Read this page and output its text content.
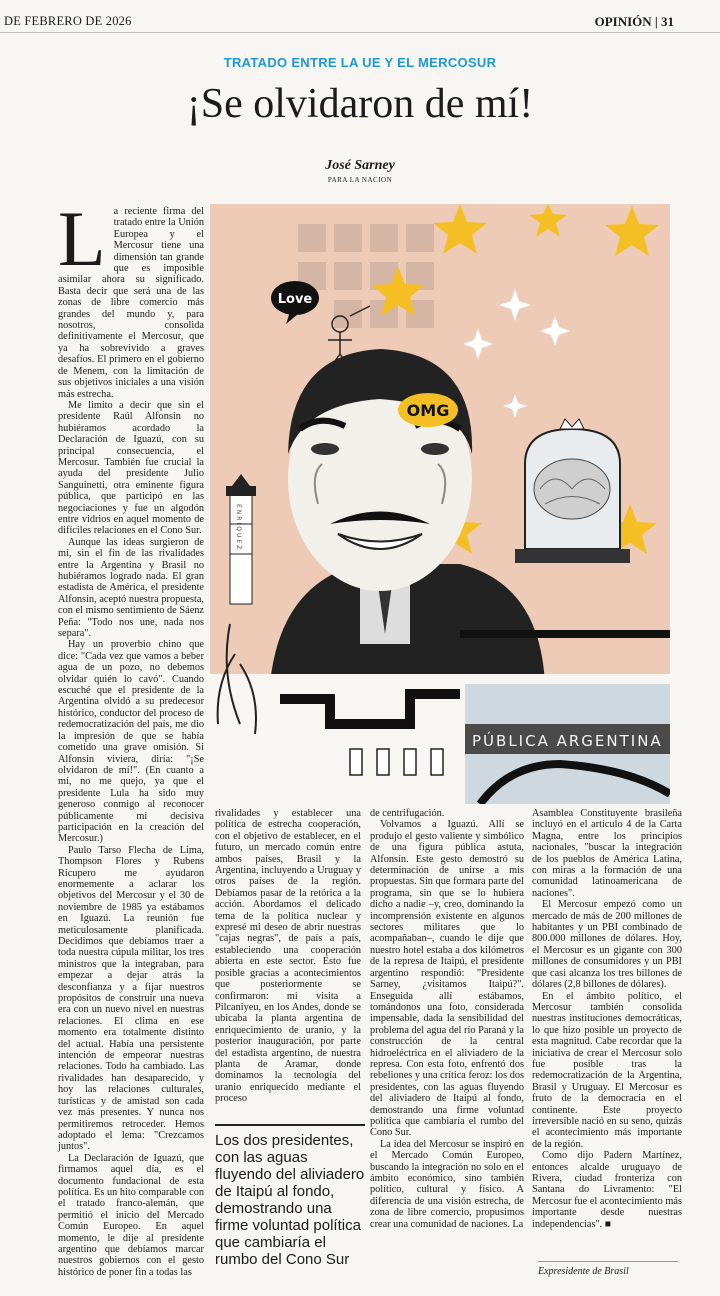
DE FEBRERO DE 2026	OPINIÓN | 31
TRATADO ENTRE LA UE Y EL MERCOSUR
¡Se olvidaron de mí!
José Sarney
PARA LA NACION
L a reciente firma del tratado entre la Unión Europea y el Mercosur tiene una dimensión tan grande que es imposible asimilar ahora su significado. Basta decir que será una de las zonas de libre comercio más grandes del mundo y, para nosotros, consolida definitivamente el Mercosur, que ya ha sobrevivido a graves desafíos. El primero en el gobierno de Menem, con la limitación de sus objetivos iniciales a una visión más estrecha.

Me limito a decir que sin el presidente Raúl Alfonsín no hubiéramos acordado la Declaración de Iguazú, con su principal consecuencia, el Mercosur. También fue crucial la ayuda del presidente Julio Sanguinetti, otra eminente figura pública, que participó en las negociaciones y fue un algodón entre vidrios en aquel momento de difíciles relaciones en el Cono Sur.

Aunque las ideas surgieron de mí, sin el fin de las rivalidades entre la Argentina y Brasil no hubiéramos logrado nada. El gran estadista de América, el presidente Alfonsín, aceptó nuestra propuesta, con el mismo sentimiento de Sáenz Peña: "Todo nos une, nada nos separa".

Hay un proverbio chino que dice: "Cada vez que vamos a beber agua de un pozo, no debemos olvidar quién lo cavó". Cuando escuché que el presidente de la Argentina olvidó a su predecesor histórico, conductor del proceso de redemocratización del país, me dio la impresión de que se había cometido una grave omisión. Si Alfonsín viviera, diría: "¡Se olvidaron de mí!". (En cuanto a mí, no me quejo, ya que el presidente Lula ha sido muy generoso conmigo al reconocer públicamente mi decisiva participación en la creación del Mercosur.)

Paulo Tarso Flecha de Lima, Thompson Flores y Rubens Ricupero me ayudaron enormemente a aclarar los objetivos del Mercosur y el 30 de noviembre de 1985 ya estábamos en Iguazú. La reunión fue meticulosamente planificada. Decidimos que debíamos traer a toda nuestra cúpula militar, los tres ministros que la integraban, para empezar a dejar atrás la desconfianza y a fijar nuestros propósitos de construir una nueva era con un nuevo nivel en nuestras relaciones. El clima en ese momento era totalmente distinto del actual. Había una persistente intención de empeorar nuestras relaciones. Todo ha cambiado. Las rivalidades han desaparecido, y hoy las relaciones culturales, turísticas y de amistad son cada vez más presentes. Y nunca nos permitiremos retroceder. Hemos adoptado el lema: "Crezcamos juntos".

La Declaración de Iguazú, que firmamos aquel día, es el documento fundacional de esta política. Es un hito comparable con el tratado franco-alemán, que permitió el inicio del Mercado Común Europeo. En aquel momento, le dije al presidente argentino que debíamos marcar nuestros gobiernos con el gesto histórico de poner fin a todas las

Love
OMG
ENRIQUEZ
PÚBLICA ARGENTINA

rivalidades y establecer una política de estrecha cooperación, con el objetivo de establecer, en el futuro, un mercado común entre ambos países, Brasil y la Argentina, incluyendo a Uruguay y otros países de la región. Debíamos pasar de la retórica a la acción. Abordamos el delicado tema de la política nuclear y expresé mi deseo de abrir nuestras "cajas negras", de país a país, estableciendo una cooperación abierta en este sector. Esto fue posible gracias a acontecimientos que posteriormente se confirmaron: mi visita a Pilcaniyeu, en los Andes, donde se ubicaba la planta argentina de enriquecimiento de uranio, y la posterior inauguración, por parte del estadista argentino, de nuestra planta de Aramar, donde dominamos la tecnología del uranio enriquecido mediante el proceso

Los dos presidentes, con las aguas fluyendo del aliviadero de Itaipú al fondo, demostrando una firme voluntad política que cambiaría el rumbo del Cono Sur

de centrifugación.

Volvamos a Iguazú. Allí se produjo el gesto valiente y simbólico de una figura pública astuta, Alfonsín. Este gesto demostró su determinación de unirse a mis propuestas. Sin que formara parte del programa, sin que se lo hubiera dicho a nadie –y, creo, dominando la incomprensión existente en algunos sectores militares que lo acompañaban–, cuando le dije que nuestro hotel estaba a dos kilómetros de la represa de Itaipú, el presidente argentino respondió: "Presidente Sarney, ¿visitamos Itaipú?". Enseguida allí estábamos, tomándonos una foto, considerada impensable, dada la sensibilidad del problema del agua del río Paraná y la construcción de la central hidroeléctrica en el aliviadero de la represa. Con esta foto, enfrentó dos rebeliones y una crítica feroz: los dos presidentes, con las aguas fluyendo del aliviadero de Itaipú al fondo, demostrando una firme voluntad política que cambiaría el rumbo del Cono Sur.

La idea del Mercosur se inspiró en el Mercado Común Europeo, buscando la integración no solo en el ámbito económico, sino también político, cultural y físico. A diferencia de una visión estrecha, de zona de libre comercio, propusimos crear una comunidad de naciones. La

Asamblea Constituyente brasileña incluyó en el artículo 4 de la Carta Magna, entre los principios nacionales, "buscar la integración de los pueblos de América Latina, con miras a la formación de una comunidad latinoamericana de naciones".

El Mercosur empezó como un mercado de más de 200 millones de habitantes y un PBI combinado de 800.000 millones de dólares. Hoy, el Mercosur es un gigante con 300 millones de consumidores y un PBI que casi alcanza los tres billones de dólares (2,8 billones de dólares).

En el ámbito político, el Mercosur también consolida nuestras instituciones democráticas, lo que hizo posible un proyecto de esta magnitud. Cabe recordar que la iniciativa de crear el Mercosur solo fue posible tras la redemocratización de la Argentina, Brasil y Uruguay. El Mercosur es fruto de la democracia en el continente. Este proyecto irreversible nació en su seno, quizás el acontecimiento más importante de la región.

Como dijo Padern Martínez, entonces alcalde uruguayo de Rivera, ciudad fronteriza con Santana do Livramento: "El Mercosur fue el acontecimiento más importante desde nuestras independencias". ■

Expresidente de Brasil
